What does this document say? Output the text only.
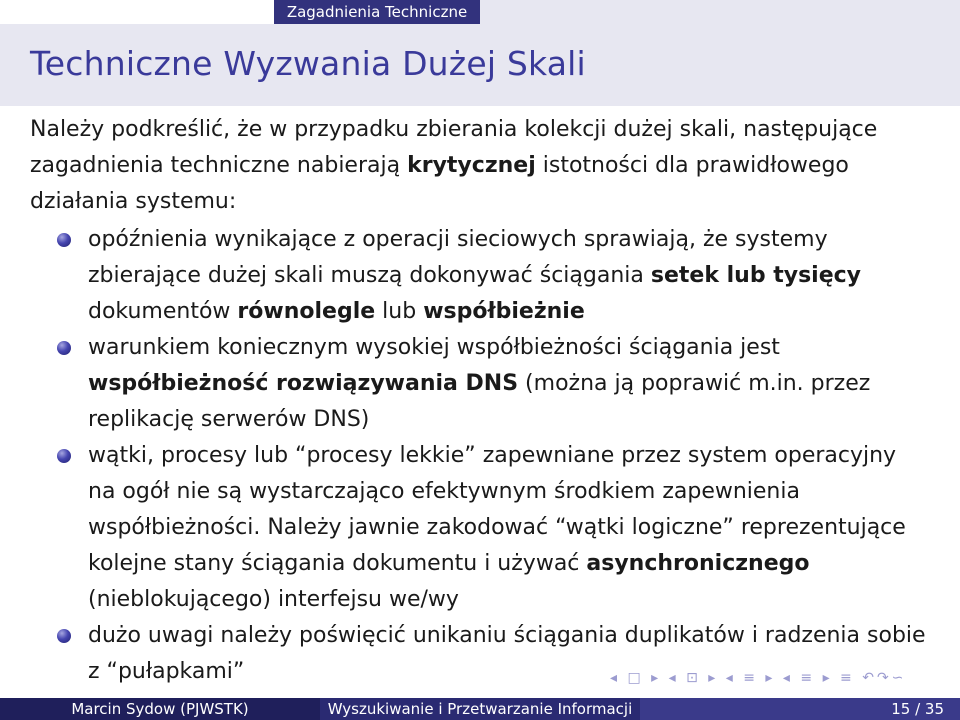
Zagadnienia Techniczne
Techniczne Wyzwania Dużej Skali

Należy podkreślić, że w przypadku zbierania kolekcji dużej skali, następujące zagadnienia techniczne nabierają krytycznej istotności dla prawidłowego działania systemu:

opóźnienia wynikające z operacji sieciowych sprawiają, że systemy zbierające dużej skali muszą dokonywać ściągania setek lub tysięcy dokumentów równolegle lub współbieżnie
warunkiem koniecznym wysokiej współbieżności ściągania jest współbieżność rozwiązywania DNS (można ją poprawić m.in. przez replikację serwerów DNS)
wątki, procesy lub “procesy lekkie” zapewniane przez system operacyjny na ogół nie są wystarczająco efektywnym środkiem zapewnienia współbieżności. Należy jawnie zakodować “wątki logiczne” reprezentujące kolejne stany ściągania dokumentu i używać asynchronicznego (nieblokującego) interfejsu we/wy
dużo uwagi należy poświęcić unikaniu ściągania duplikatów i radzenia sobie z “pułapkami”	◂ □ ▸ ◂ ⊡ ▸ ◂ ≡ ▸ ◂ ≡ ▸ ≡ ↶↷∽
Marcin Sydow (PJWSTK)	Wyszukiwanie i Przetwarzanie Informacji	15 / 35
